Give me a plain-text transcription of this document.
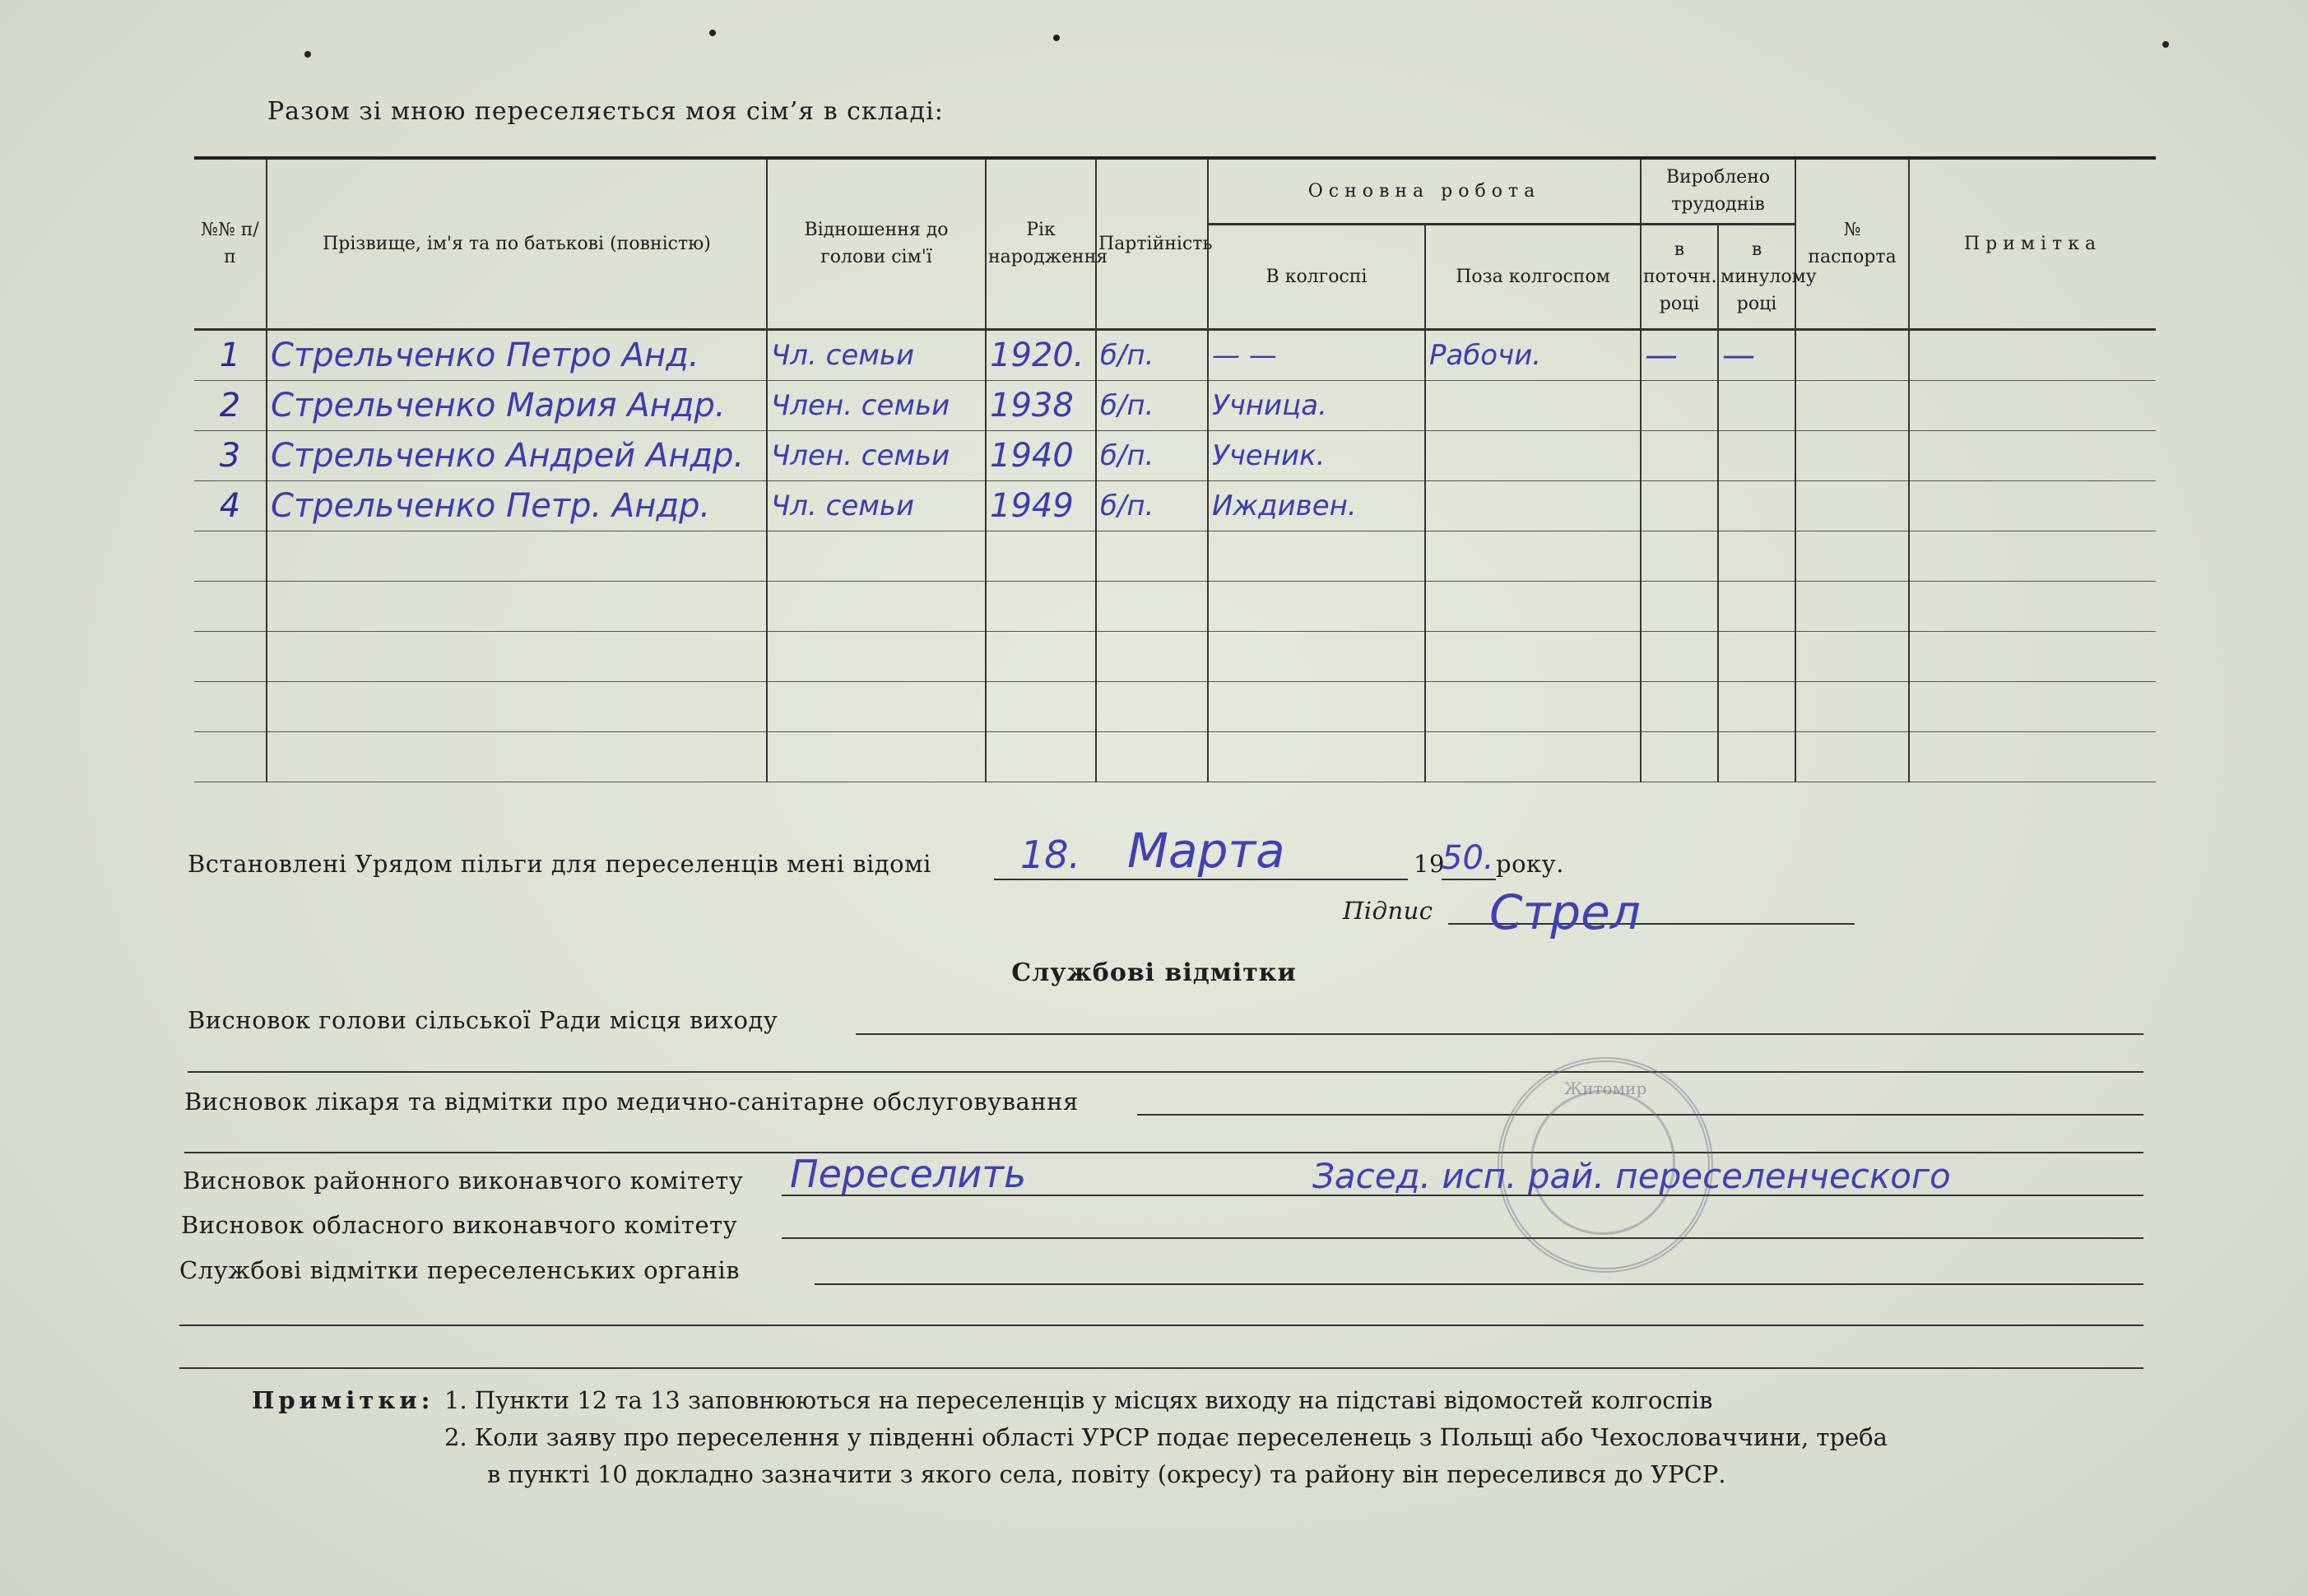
Разом зі мною переселяється моя сім’я в складі:
№№ п/п	Прізвище, ім'я та по батькові (повністю)	Відношення до голови сім'ї	Рік народження	Партійність	Основна робота		Вироблено трудоднів		№ паспорта	Примітка
					В колгоспі	Поза колгоспом	в поточн. році	в минулому році		
1	Стрельченко Петро Анд.	Чл. семьи	1920.	б/п.	— —	Рабочи.	—	—		
2	Стрельченко Мария Андр.	Член. семьи	1938	б/п.	Учница.					
3	Стрельченко Андрей Андр.	Член. семьи	1940	б/п.	Ученик.					
4	Стрельченко Петр. Андр.	Чл. семьи	1949	б/п.	Иждивен.					

Встановлені Урядом пільги для переселенців мені відомі 18. Марта	19
50. року.
Підпис Стрел
Службові відмітки
Висновок голови сільської Ради місця виходу
Висновок лікаря та відмітки про медично-санітарне обслуговування	Житомир
Висновок районного виконавчого комітету Переселить	Засед. исп. рай. переселенческого
Висновок обласного виконавчого комітету
Службові відмітки переселенських органів
Примітки: 1. Пункти 12 та 13 заповнюються на переселенців у місцях виходу на підставі відомостей колгоспів
2. Коли заяву про переселення у південні області УРСР подає переселенець з Польщі або Чехословаччини, треба
в пункті 10 докладно зазначити з якого села, повіту (окресу) та району він переселився до УРСР.
